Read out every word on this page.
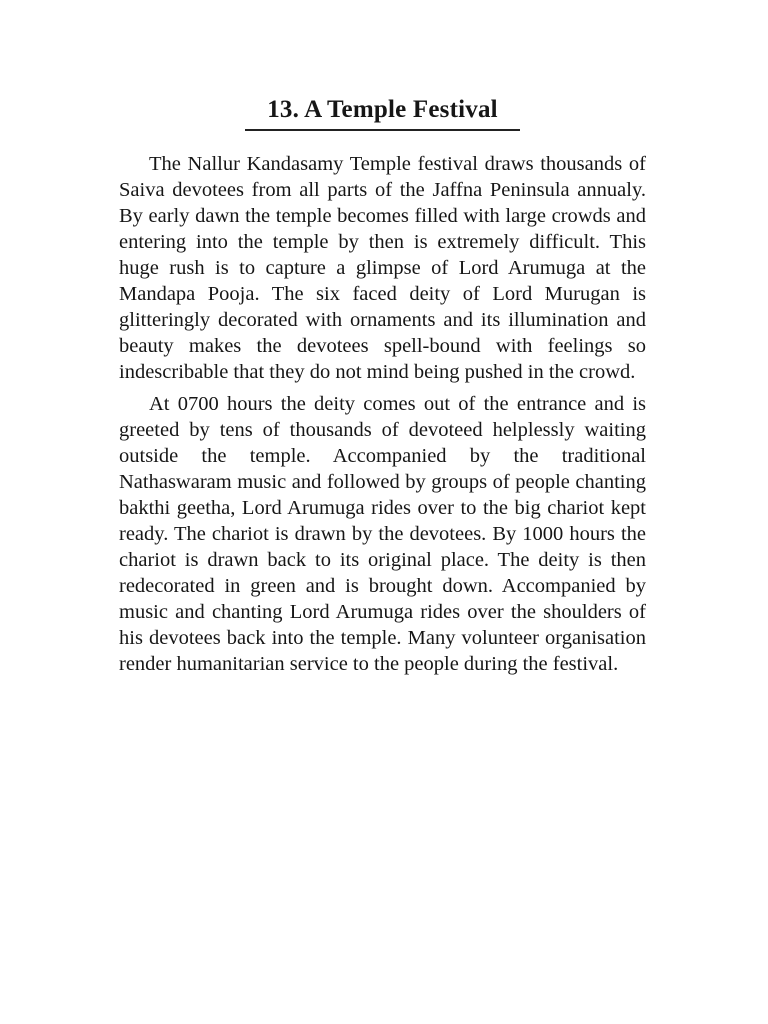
13. A Temple Festival

The Nallur Kandasamy Temple festival draws thousands of Saiva devotees from all parts of the Jaffna Peninsula annualy. By early dawn the temple becomes filled with large crowds and entering into the temple by then is extremely difficult. This huge rush is to capture a glimpse of Lord Arumuga at the Mandapa Pooja. The six faced deity of Lord Murugan is glitteringly decorated with ornaments and its illumination and beauty makes the devotees spell-bound with feelings so indescribable that they do not mind being pushed in the crowd.

At 0700 hours the deity comes out of the entrance and is greeted by tens of thousands of devoteed helplessly waiting outside the temple. Accompanied by the traditional Nathaswaram music and followed by groups of people chanting bakthi geetha, Lord Arumuga rides over to the big chariot kept ready. The chariot is drawn by the devotees. By 1000 hours the chariot is drawn back to its original place. The deity is then redecorated in green and is brought down. Accompanied by music and chanting Lord Arumuga rides over the shoulders of his devotees back into the temple. Many volunteer organisation render humanitarian service to the people during the festival.
